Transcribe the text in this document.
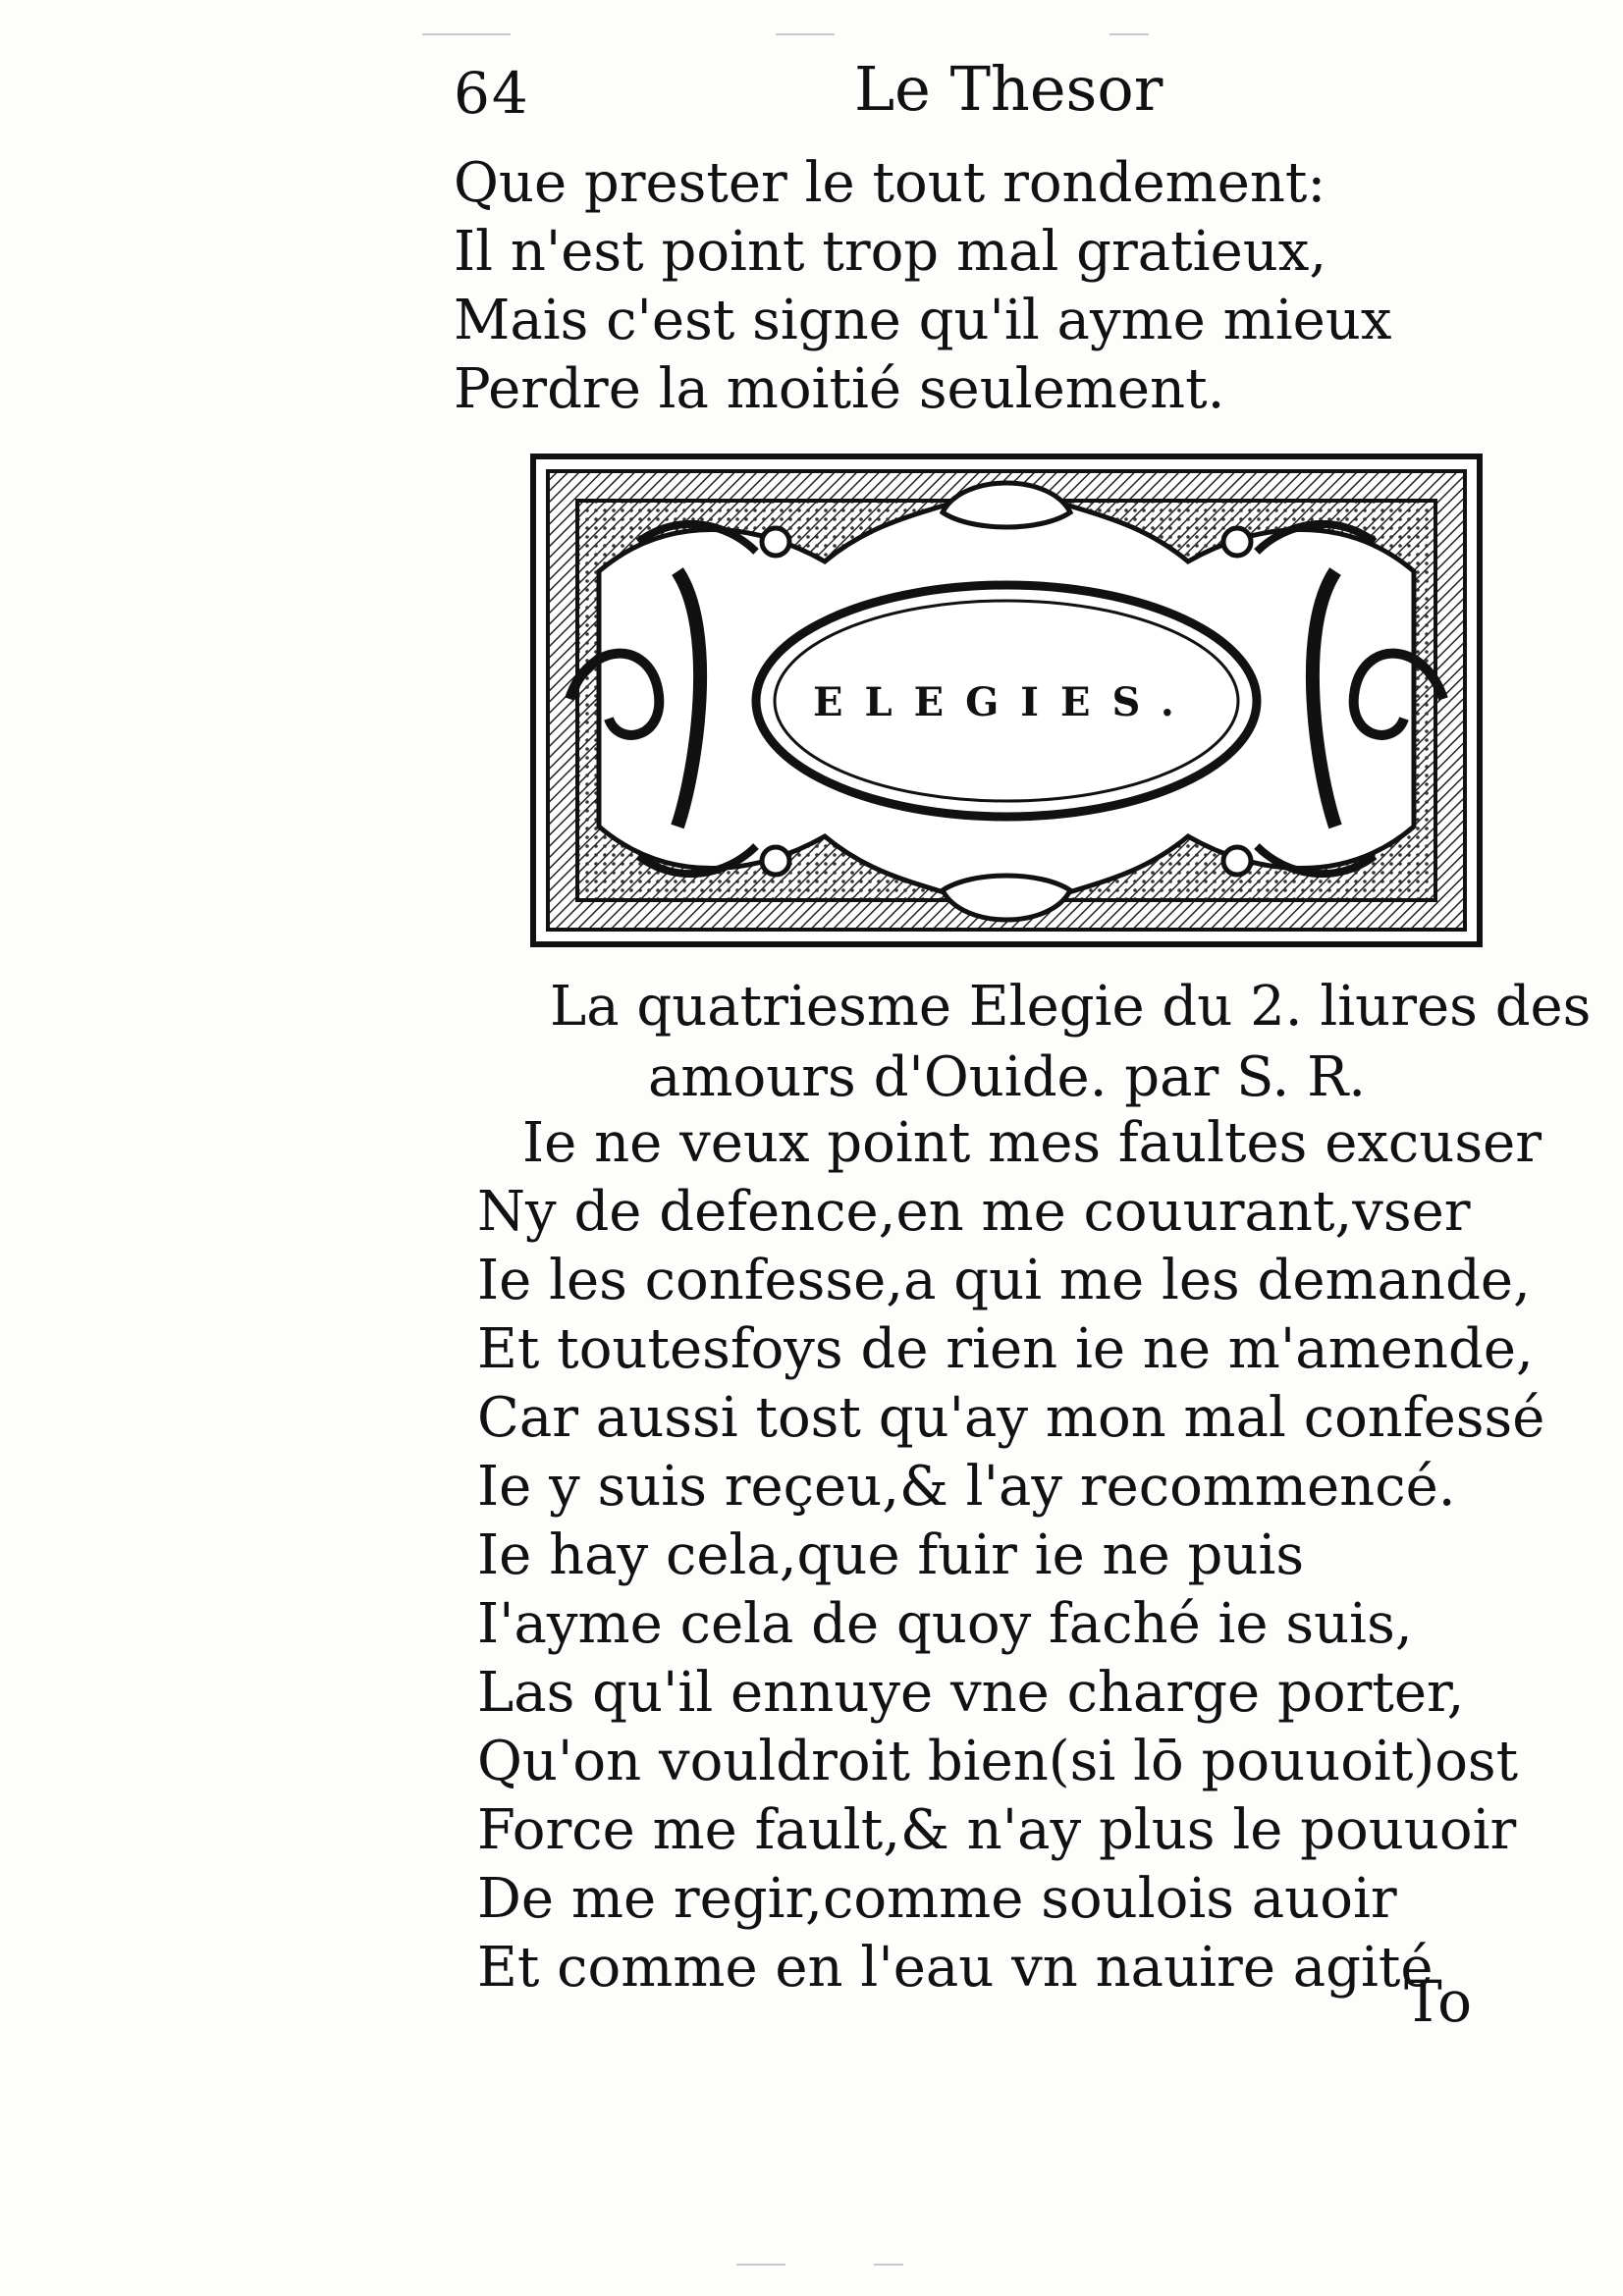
64	Le Thesor
Que prester le tout rondement:
Il n'est point trop mal gratieux,
Mais c'est signe qu'il ayme mieux
Perdre la moitié seulement.
ELEGIES.
La quatriesme Elegie du 2. liures des
amours d'Ouide. par S. R.
Ie ne veux point mes faultes excuser
Ny de defence,en me couurant,vser
Ie les confesse,a qui me les demande,
Et toutesfoys de rien ie ne m'amende,
Car aussi tost qu'ay mon mal confessé
Ie y suis reçeu,& l'ay recommencé.
Ie hay cela,que fuir ie ne puis
I'ayme cela de quoy faché ie suis,
Las qu'il ennuye vne charge porter,
Qu'on vouldroit bien(si lō pouuoit)ost
Force me fault,& n'ay plus le pouuoir
De me regir,comme soulois auoir
Et comme en l'eau vn nauire agité
To
